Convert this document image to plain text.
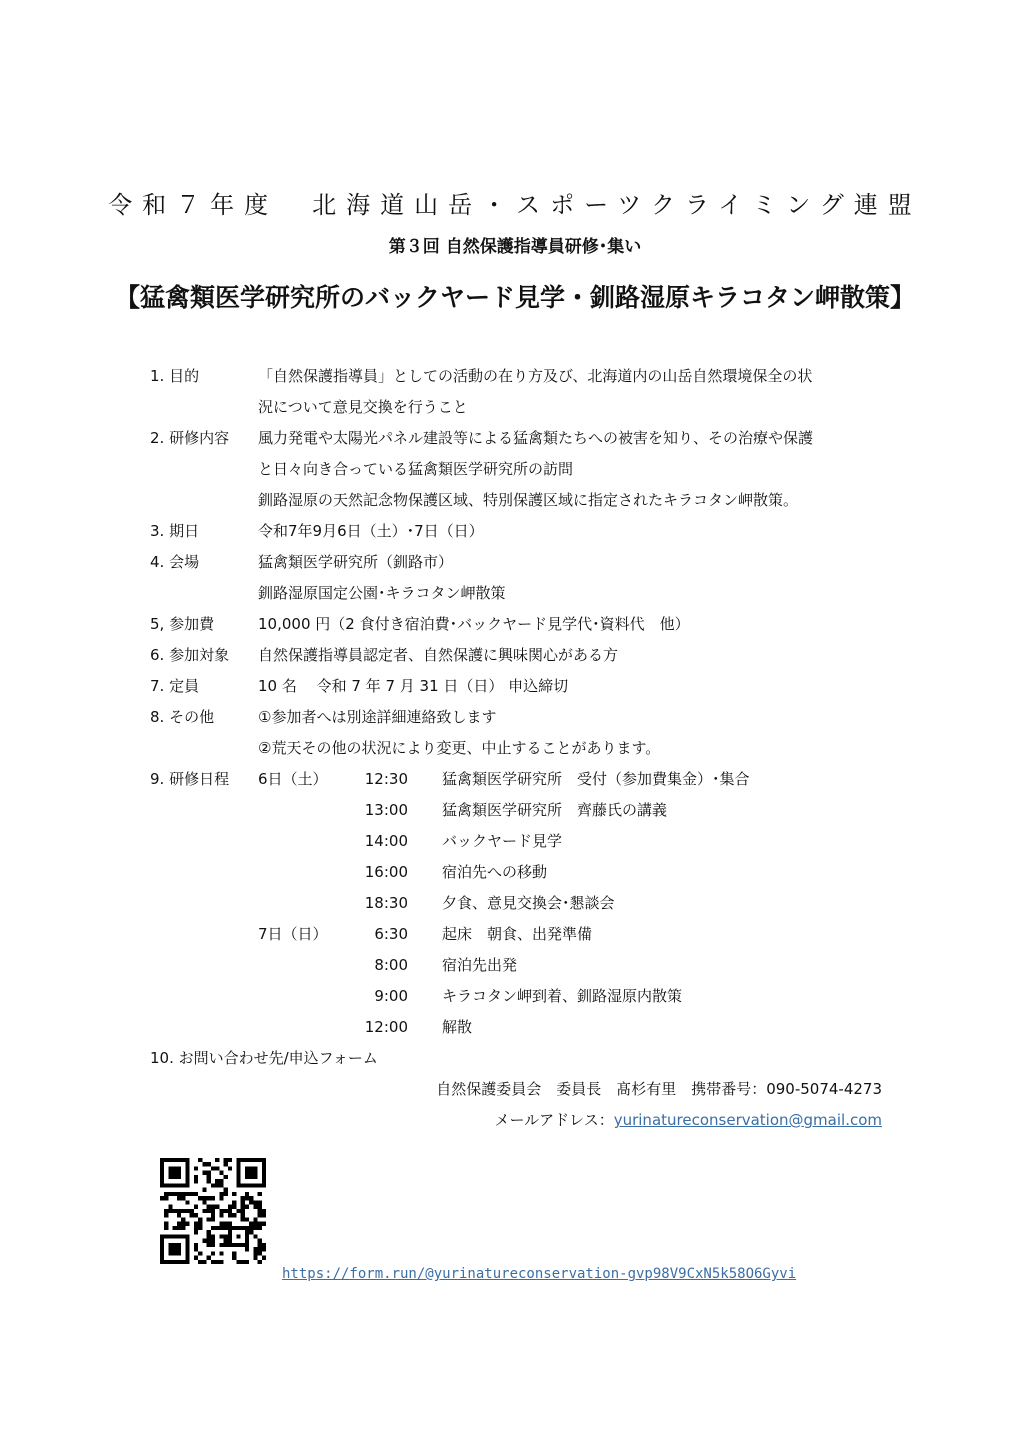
令和７年度　北海道山岳・スポーツクライミング連盟
第３回 自然保護指導員研修･集い
【猛禽類医学研究所のバックヤード見学・釧路湿原キラコタン岬散策】
1. 目的	「自然保護指導員」としての活動の在り方及び、北海道内の山岳自然環境保全の状
況について意見交換を行うこと
2. 研修内容 風力発電や太陽光パネル建設等による猛禽類たちへの被害を知り、その治療や保護
と日々向き合っている猛禽類医学研究所の訪問
釧路湿原の天然記念物保護区域、特別保護区域に指定されたキラコタン岬散策。
3. 期日	令和7年9月6日（土）･7日（日）
4. 会場	猛禽類医学研究所（釧路市）
釧路湿原国定公園･キラコタン岬散策
5, 参加費	10,000 円（2 食付き宿泊費･バックヤード見学代･資料代　他）
6. 参加対象 自然保護指導員認定者、自然保護に興味関心がある方
7. 定員	10 名　 令和 7 年 7 月 31 日（日） 申込締切
8. その他	①参加者へは別途詳細連絡致します
②荒天その他の状況により変更、中止することがあります。
9. 研修日程 6日（土） 12:30 猛禽類医学研究所　受付（参加費集金）･集合
13:00 猛禽類医学研究所　齊藤氏の講義
14:00 バックヤード見学
16:00 宿泊先への移動
18:30 夕食、意見交換会･懇談会
7日（日）	6:30 起床　朝食、出発準備
8:00 宿泊先出発
9:00 キラコタン岬到着、釧路湿原内散策
12:00 解散
10. お問い合わせ先/申込フォーム
自然保護委員会　委員長　髙杉有里　携帯番号：090-5074-4273
メールアドレス：yurinatureconservation@gmail.com
https://form.run/@yurinatureconservation-gvp98V9CxN5k58O6Gyvi
